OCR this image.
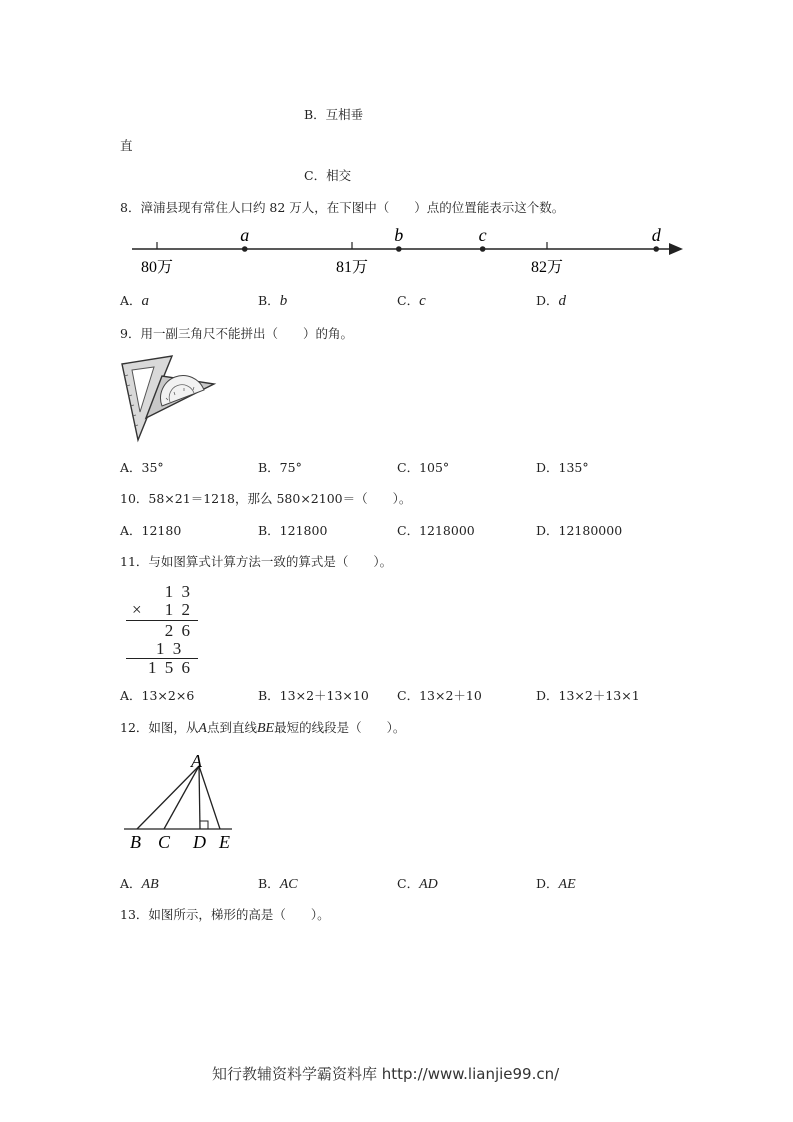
B．互相垂
直
C．相交
8．漳浦县现有常住人口约 82 万人，在下图中（　　）点的位置能表示这个数。
80万	81万	82万
a	b	c	d
A．a	B．b	C．c	D．d
9．用一副三角尺不能拼出（　　）的角。
A．35°	B．75°	C．105°	D．135°
10．58×21＝1218，那么 580×2100＝（　　）。
A．12180	B．121800	C．1218000	D．12180000
11．与如图算式计算方法一致的算式是（　　）。
1 3
× 1 2
2 6
1 3
1 5 6
A．13×2×6	B．13×2＋13×10 C．13×2＋10	D．13×2＋13×1
12．如图，从A点到直线BE最短的线段是（　　）。
A
B C D E
A．AB	B．AC	C．AD	D．AE
13．如图所示，梯形的高是（　　）。
知行教辅资料学霸资料库 http://www.lianjie99.cn/
